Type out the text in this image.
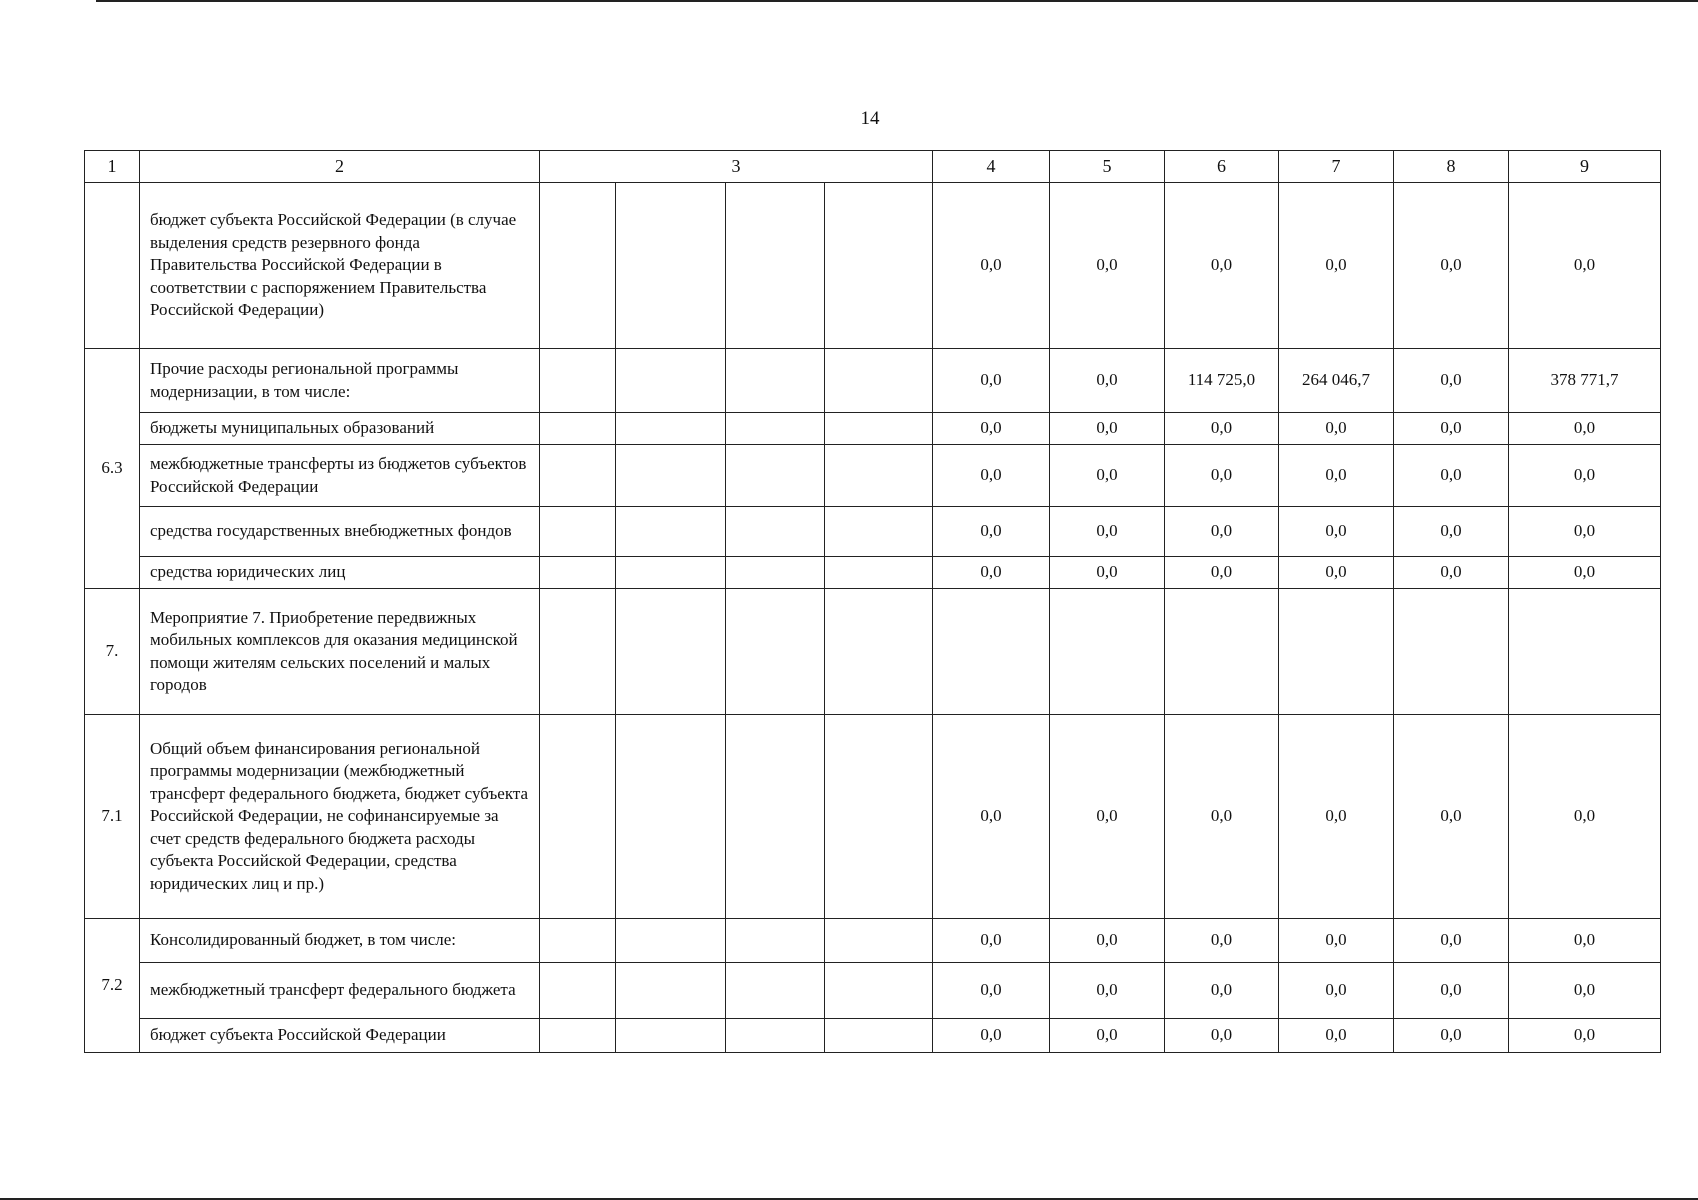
14
1	2	3				4	5	6	7	8	9
	бюджет субъекта Российской Федерации (в случае выделения средств резервного фонда Правительства Российской Федерации в соответствии с распоряжением Правительства Российской Федерации)					0,0	0,0	0,0	0,0	0,0	0,0
6.3	Прочие расходы региональной программы модернизации, в том числе:					0,0	0,0	114 725,0	264 046,7	0,0	378 771,7
	бюджеты муниципальных образований					0,0	0,0	0,0	0,0	0,0	0,0
	межбюджетные трансферты из бюджетов субъектов Российской Федерации					0,0	0,0	0,0	0,0	0,0	0,0
	средства государственных внебюджетных фондов					0,0	0,0	0,0	0,0	0,0	0,0
	средства юридических лиц					0,0	0,0	0,0	0,0	0,0	0,0
7.	Мероприятие 7. Приобретение передвижных мобильных комплексов для оказания медицинской помощи жителям сельских поселений и малых городов										
7.1	Общий объем финансирования региональной программы модернизации (межбюджетный трансферт федерального бюджета, бюджет субъекта Российской Федерации, не софинансируемые за счет средств федерального бюджета расходы субъекта Российской Федерации, средства юридических лиц и пр.)					0,0	0,0	0,0	0,0	0,0	0,0
7.2	Консолидированный бюджет, в том числе:					0,0	0,0	0,0	0,0	0,0	0,0
	межбюджетный трансферт федерального бюджета					0,0	0,0	0,0	0,0	0,0	0,0
	бюджет субъекта Российской Федерации					0,0	0,0	0,0	0,0	0,0	0,0
